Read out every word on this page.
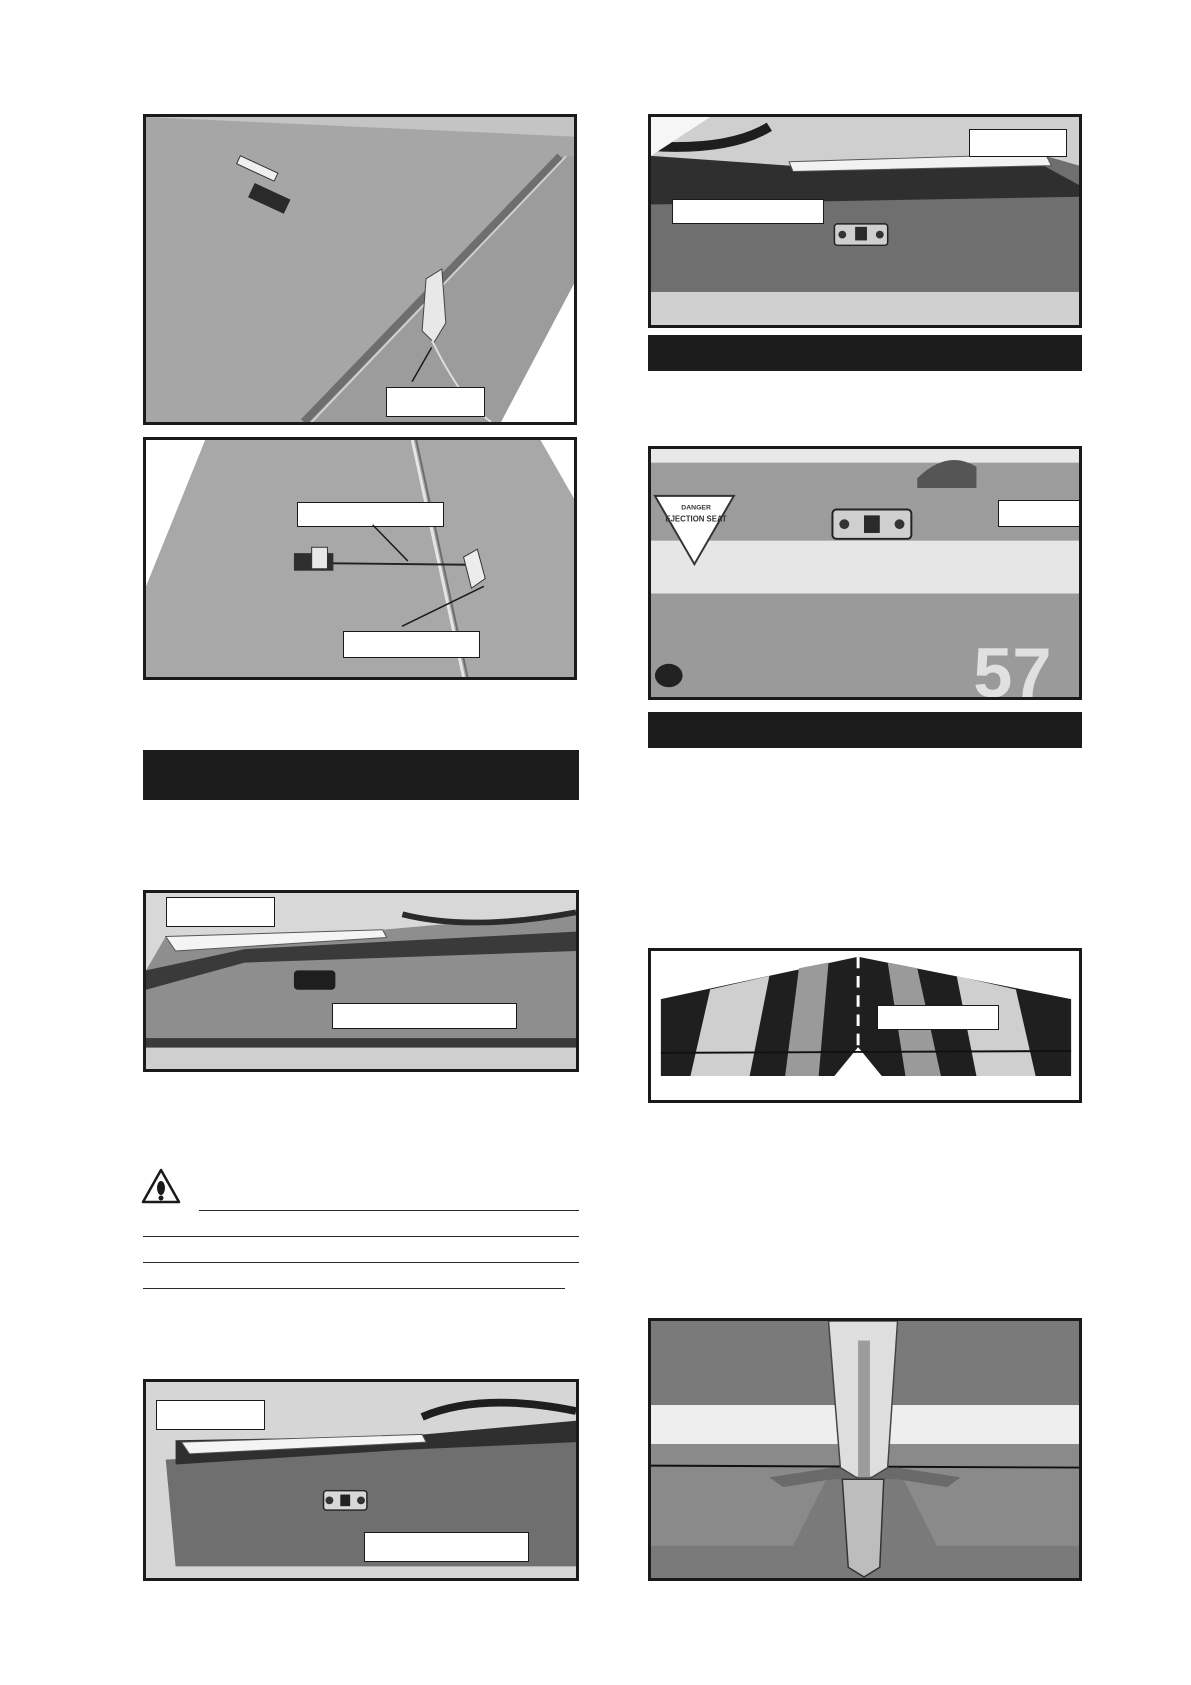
DANGER
EJECTION SEAT
57
